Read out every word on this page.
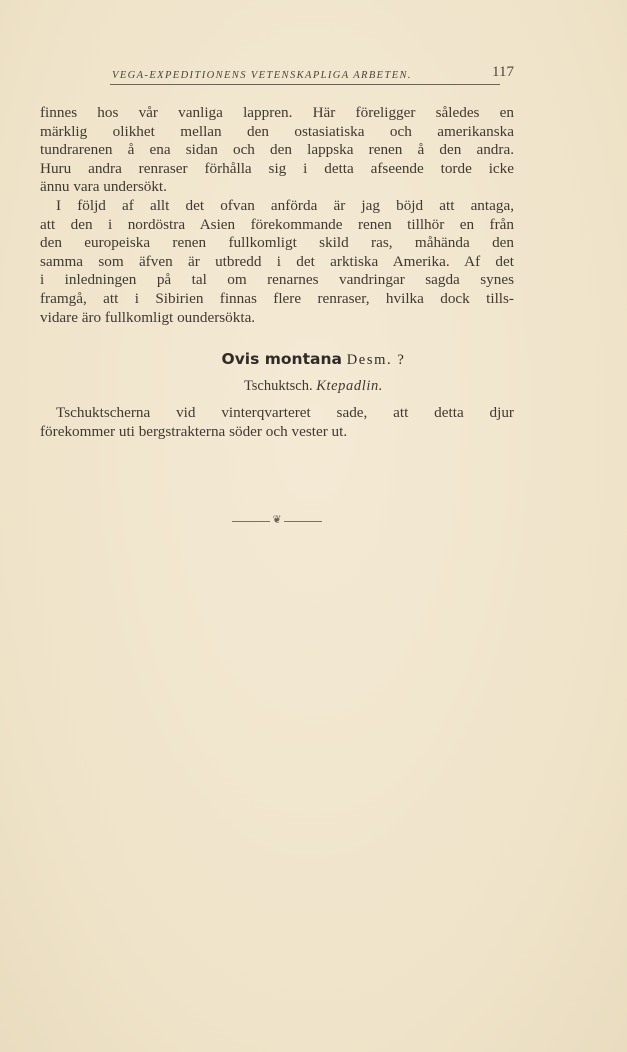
VEGA-EXPEDITIONENS VETENSKAPLIGA ARBETEN.	117
finnes hos vår vanliga lappren. Här föreligger således en
märklig olikhet mellan den ostasiatiska och amerikanska
tundrarenen å ena sidan och den lappska renen å den andra.
Huru andra renraser förhålla sig i detta afseende torde icke
ännu vara undersökt.
I följd af allt det ofvan anförda är jag böjd att antaga,
att den i nordöstra Asien förekommande renen tillhör en från
den europeiska renen fullkomligt skild ras, måhända den
samma som äfven är utbredd i det arktiska Amerika. Af det
i inledningen på tal om renarnes vandringar sagda synes
framgå, att i Sibirien finnas flere renraser, hvilka dock tills-
vidare äro fullkomligt oundersökta.
Ovis montana Desm. ?
Tschuktsch. Ktepadlin.
Tschuktscherna vid vinterqvarteret sade, att detta djur
förekommer uti bergstrakterna söder och vester ut.
❦
